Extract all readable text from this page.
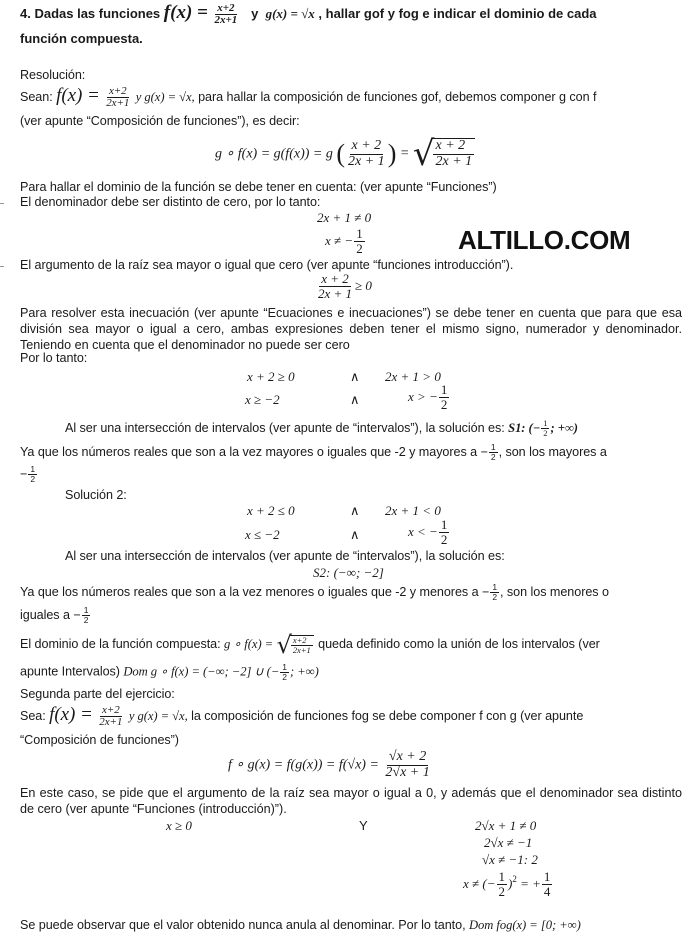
4. Dadas las funciones $f(x) = \frac{x+2}{2x+1}$ y g(x) = √x , hallar gof y fog e indicar el dominio de cada
función compuesta.
Resolución:
Sean: $f(x) = \frac{x+2}{2x+1}$ y g(x) = √x, para hallar la composición de funciones gof, debemos componer g con f
(ver apunte “Composición de funciones”), es decir:
g ∘ f(x) = g(f(x)) = g ( $\frac{x + 2}{2x + 1}$ ) = √
$\frac{x + 2}{2x + 1}$
Para hallar el dominio de la función se debe tener en cuenta: (ver apunte “Funciones”)
El denominador debe ser distinto de cero, por lo tanto:
2x + 1 ≠ 0
x ≠ − $\frac{1}{2}$	ALTILLO.COM
El argumento de la raíz sea mayor o igual que cero (ver apunte “funciones introducción”).
$\frac{x + 2}{2x + 1} \ge 0$
Para resolver esta inecuación (ver apunte “Ecuaciones e inecuaciones”) se debe tener en cuenta que para que esa división sea mayor o igual a cero, ambas expresiones deben tener el mismo signo, numerador y denominador. Teniendo en cuenta que el denominador no puede ser cero
Por lo tanto:
x + 2 ≥ 0	∧ 2x + 1 > 0
x ≥ −2	∧	x > − $\frac{1}{2}$
Al ser una intersección de intervalos (ver apunte de “intervalos”), la solución es: S1: (− $\frac{1}{2}$ ; +∞)
Ya que los números reales que son a la vez mayores o iguales que -2 y mayores $a - \frac{1}{2}$ , son los mayores a
− $\frac{1}{2}$
Solución 2:
x + 2 ≤ 0	∧ 2x + 1 < 0
x ≤ −2	∧	x < − $\frac{1}{2}$
Al ser una intersección de intervalos (ver apunte de “intervalos”), la solución es:
S2: (−∞; −2]
Ya que los números reales que son a la vez menores o iguales que -2 y menores $a - \frac{1}{2}$ , son los menores o
iguales $a - \frac{1}{2}$
El dominio de la función compuesta: g ∘ f(x) = √
$\frac{x+2}{2x+1}$ queda definido como la unión de los intervalos (ver
apunte Intervalos) Dom g ∘ f(x) = (−∞; −2] ∪ (− $\frac{1}{2}$ ; +∞)
Segunda parte del ejercicio:
Sea: $f(x) = \frac{x+2}{2x+1}$ y g(x) = √x, la composición de funciones fog se debe componer f con g (ver apunte
“Composición de funciones”)
f ∘ $g(x) = f(g(x)) = f(√x) = \frac{√x + 2}{2√x + 1}$
En este caso, se pide que el argumento de la raíz sea mayor o igual a 0, y además que el denominador sea distinto de cero (ver apunte “Funciones (introducción)”).
x ≥ 0	Y	2√x + 1 ≠ 0
2√x ≠ −1
√x ≠ −1: 2
x ≠ (− $\frac{1}{2} )^2$ = + $\frac{1}{4}$
Se puede observar que el valor obtenido nunca anula al denominar. Por lo tanto, Dom fog(x) = [0; +∞)
